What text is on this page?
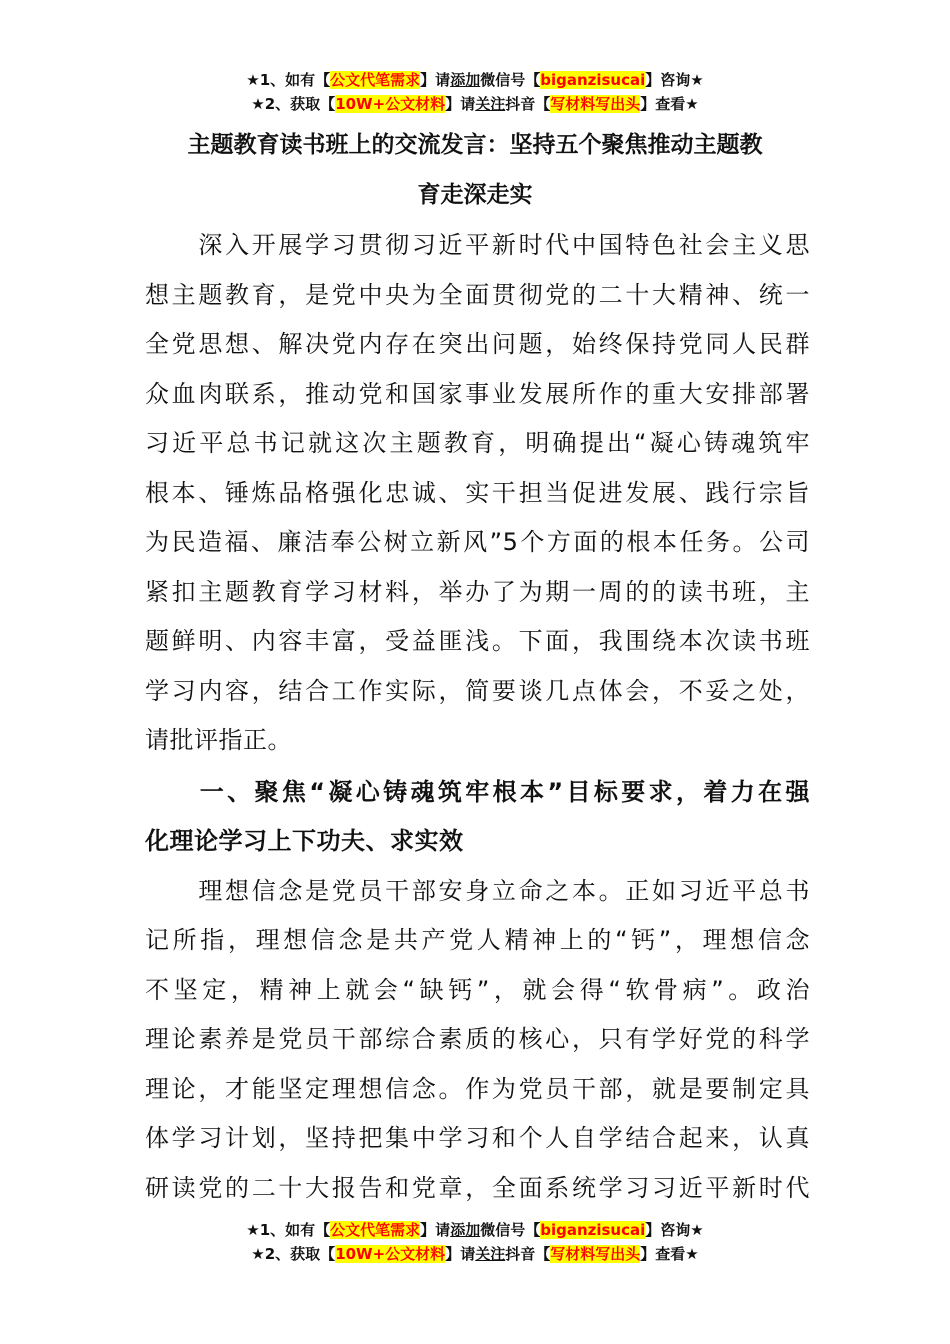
★1、如有【公文代笔需求】请添加微信号【biganzisucai】咨询★
★2、获取【10W+公文材料】请关注抖音【写材料写出头】查看★
主题教育读书班上的交流发言：坚持五个聚焦推动主题教
育走深走实
　　深入开展学习贯彻习近平新时代中国特色社会主义思
想主题教育，是党中央为全面贯彻党的二十大精神、统一
全党思想、解决党内存在突出问题，始终保持党同人民群
众血肉联系，推动党和国家事业发展所作的重大安排部署
习近平总书记就这次主题教育，明确提出“凝心铸魂筑牢
根本、锤炼品格强化忠诚、实干担当促进发展、践行宗旨
为民造福、廉洁奉公树立新风”5个方面的根本任务。公司
紧扣主题教育学习材料，举办了为期一周的的读书班，主
题鲜明、内容丰富，受益匪浅。下面，我围绕本次读书班
学习内容，结合工作实际，简要谈几点体会，不妥之处，
请批评指正。
　　一、聚焦“凝心铸魂筑牢根本”目标要求，着力在强
化理论学习上下功夫、求实效
　　理想信念是党员干部安身立命之本。正如习近平总书
记所指，理想信念是共产党人精神上的“钙”，理想信念
不坚定，精神上就会“缺钙”，就会得“软骨病”。政治
理论素养是党员干部综合素质的核心，只有学好党的科学
理论，才能坚定理想信念。作为党员干部，就是要制定具
体学习计划，坚持把集中学习和个人自学结合起来，认真
研读党的二十大报告和党章，全面系统学习习近平新时代
★1、如有【公文代笔需求】请添加微信号【biganzisucai】咨询★
★2、获取【10W+公文材料】请关注抖音【写材料写出头】查看★
